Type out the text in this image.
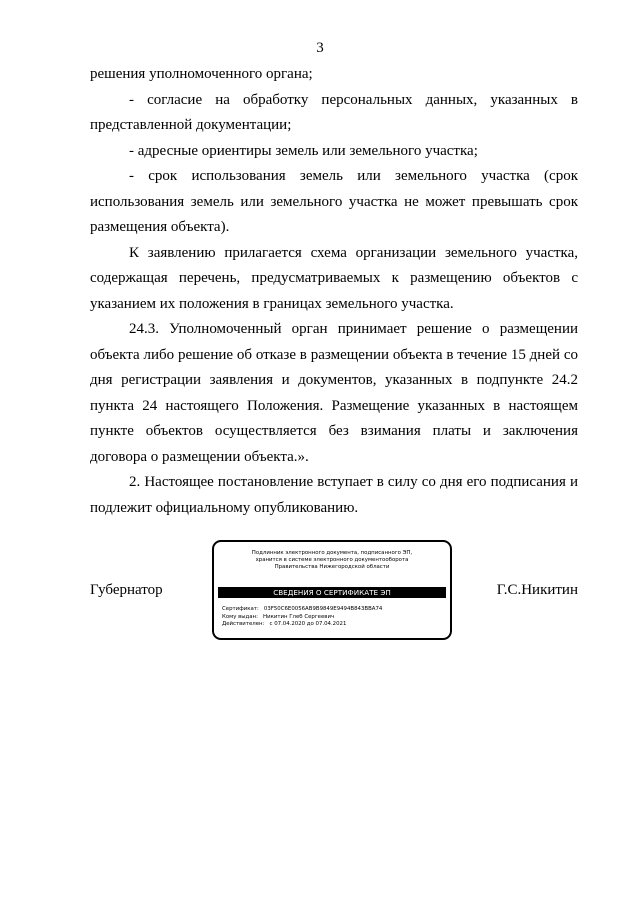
3

решения уполномоченного органа;

- согласие на обработку персональных данных, указанных в представленной документации;

- адресные ориентиры земель или земельного участка;

- срок использования земель или земельного участка (срок использования земель или земельного участка не может превышать срок размещения объекта).

К заявлению прилагается схема организации земельного участка, содержащая перечень, предусматриваемых к размещению объектов с указанием их положения в границах земельного участка.

24.3. Уполномоченный орган принимает решение о размещении объекта либо решение об отказе в размещении объекта в течение 15 дней со дня регистрации заявления и документов, указанных в подпункте 24.2 пункта 24 настоящего Положения. Размещение указанных в настоящем пункте объектов осуществляется без взимания платы и заключения договора о размещении объекта.».

2. Настоящее постановление вступает в силу со дня его подписания и подлежит официальному опубликованию.

Губернатор	Г.С.Никитин
Подлинник электронного документа, подписанного ЭП,
хранится в системе электронного документооборота
Правительства Нижегородской области
СВЕДЕНИЯ О СЕРТИФИКАТЕ ЭП
Сертификат:   03F50C6E0056AB9B9849E9494B843BBA74
Кому выдан:   Никитин Глеб Сергеевич
Действителен:   с 07.04.2020 до 07.04.2021
